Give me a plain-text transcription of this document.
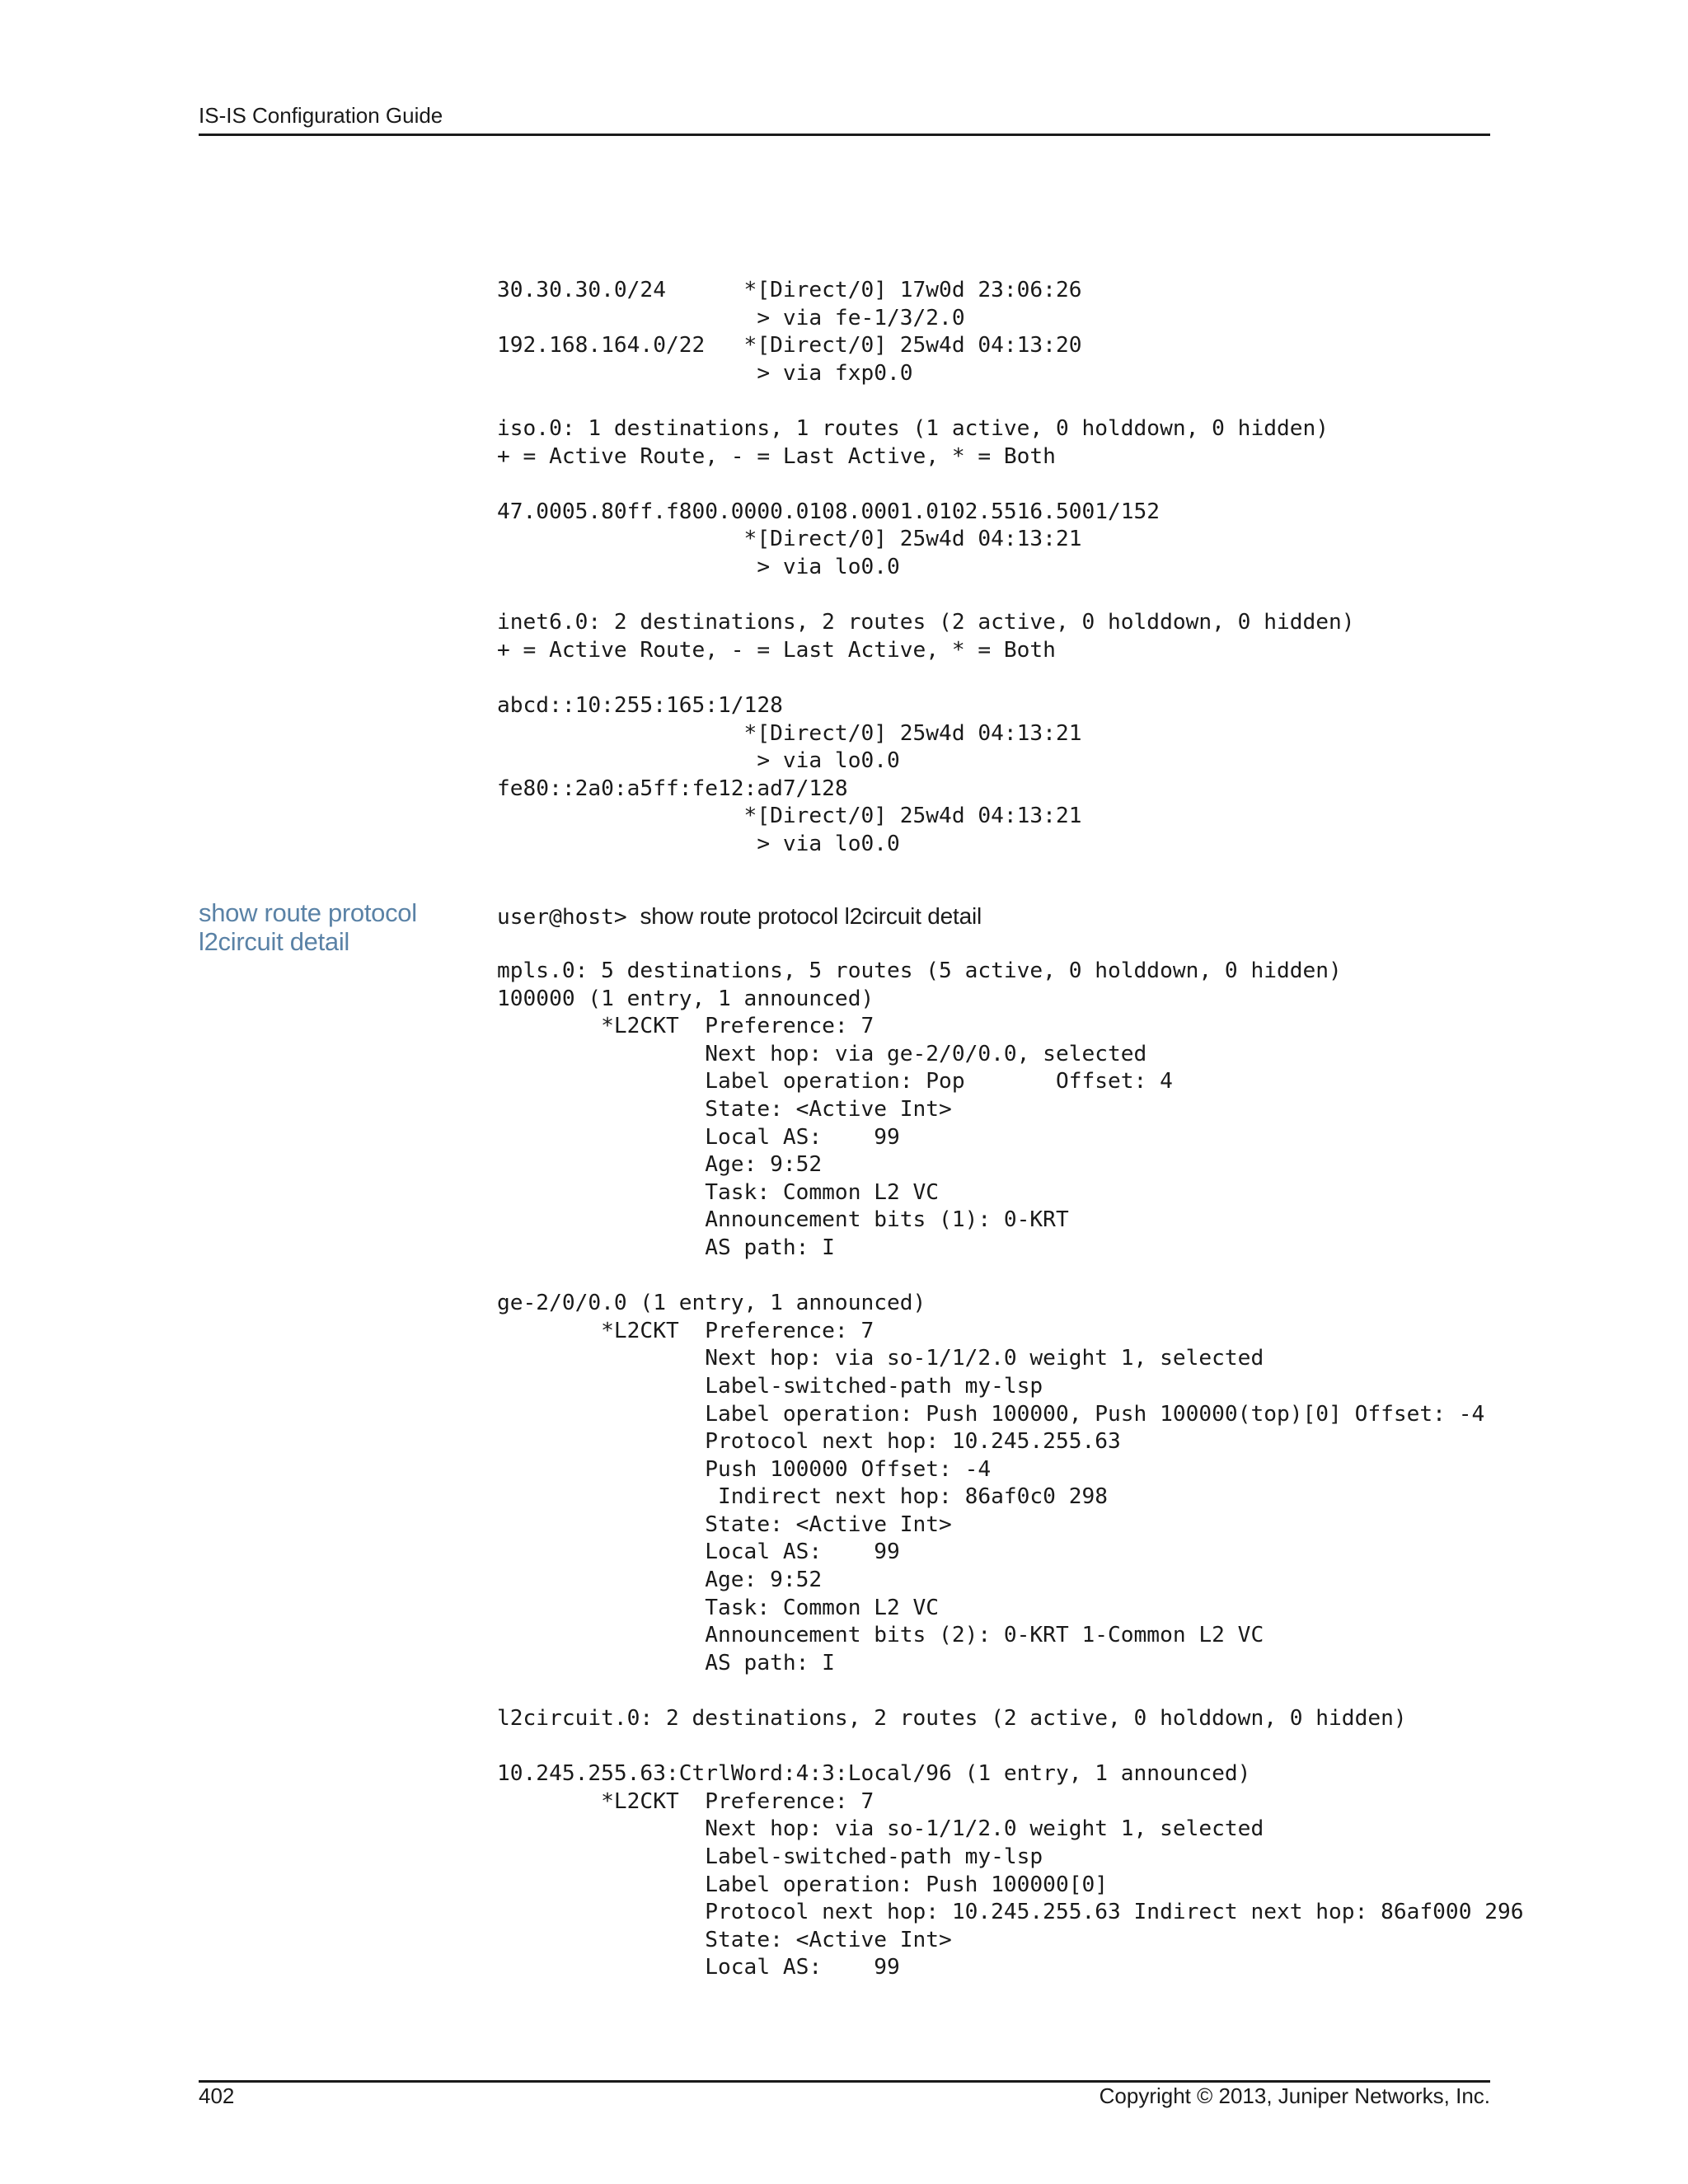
IS-IS Configuration Guide
30.30.30.0/24      *[Direct/0] 17w0d 23:06:26
> via fe-1/3/2.0
192.168.164.0/22   *[Direct/0] 25w4d 04:13:20
> via fxp0.0

iso.0: 1 destinations, 1 routes (1 active, 0 holddown, 0 hidden)
+ = Active Route, - = Last Active, * = Both

47.0005.80ff.f800.0000.0108.0001.0102.5516.5001/152
*[Direct/0] 25w4d 04:13:21
> via lo0.0

inet6.0: 2 destinations, 2 routes (2 active, 0 holddown, 0 hidden)
+ = Active Route, - = Last Active, * = Both

abcd::10:255:165:1/128
*[Direct/0] 25w4d 04:13:21
> via lo0.0
fe80::2a0:a5ff:fe12:ad7/128
*[Direct/0] 25w4d 04:13:21
> via lo0.0
show route protocol
l2circuit detail
user@host> show route protocol l2circuit detail
mpls.0: 5 destinations, 5 routes (5 active, 0 holddown, 0 hidden)
100000 (1 entry, 1 announced)
*L2CKT  Preference: 7
Next hop: via ge-2/0/0.0, selected
Label operation: Pop       Offset: 4
State: <Active Int>
Local AS:    99
Age: 9:52
Task: Common L2 VC
Announcement bits (1): 0-KRT
AS path: I

ge-2/0/0.0 (1 entry, 1 announced)
*L2CKT  Preference: 7
Next hop: via so-1/1/2.0 weight 1, selected
Label-switched-path my-lsp
Label operation: Push 100000, Push 100000(top)[0] Offset: -4
Protocol next hop: 10.245.255.63
Push 100000 Offset: -4
Indirect next hop: 86af0c0 298
State: <Active Int>
Local AS:    99
Age: 9:52
Task: Common L2 VC
Announcement bits (2): 0-KRT 1-Common L2 VC
AS path: I

l2circuit.0: 2 destinations, 2 routes (2 active, 0 holddown, 0 hidden)

10.245.255.63:CtrlWord:4:3:Local/96 (1 entry, 1 announced)
*L2CKT  Preference: 7
Next hop: via so-1/1/2.0 weight 1, selected
Label-switched-path my-lsp
Label operation: Push 100000[0]
Protocol next hop: 10.245.255.63 Indirect next hop: 86af000 296
State: <Active Int>
Local AS:    99
402	Copyright © 2013, Juniper Networks, Inc.
